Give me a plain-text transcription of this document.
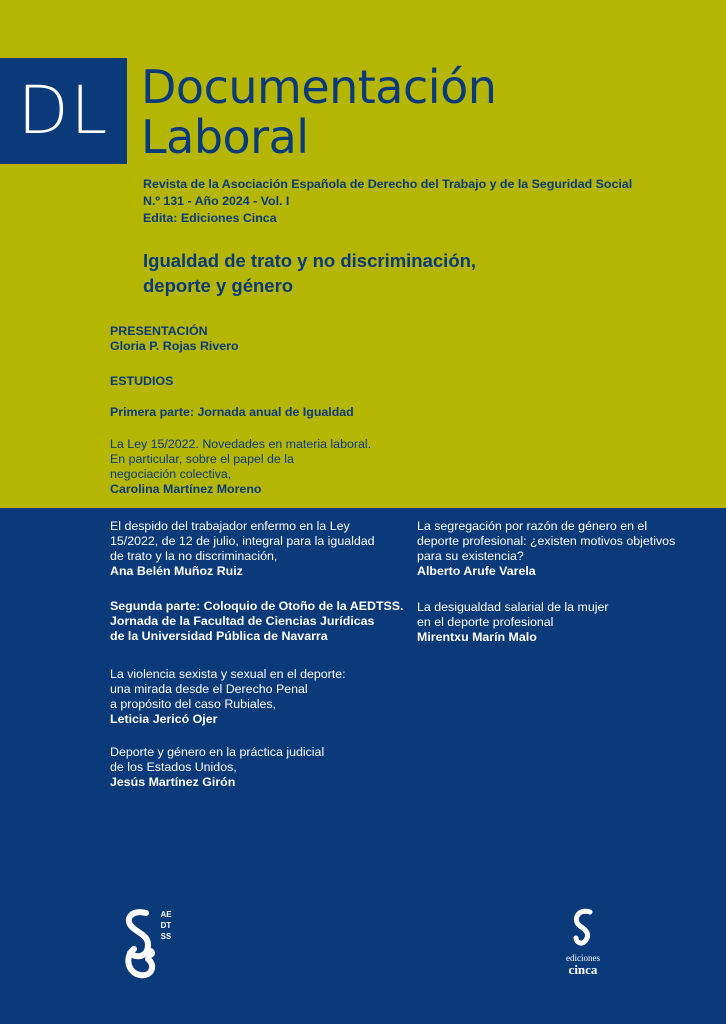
DL Documentación
Laboral
Revista de la Asociación Española de Derecho del Trabajo y de la Seguridad Social
N.º 131 - Año 2024 - Vol. I
Edita: Ediciones Cinca
Igualdad de trato y no discriminación,
deporte y género
PRESENTACIÓN
Gloria P. Rojas Rivero
ESTUDIOS
Primera parte: Jornada anual de Igualdad
La Ley 15/2022. Novedades en materia laboral.
En particular, sobre el papel de la
negociación colectiva,
Carolina Martínez Moreno
El despido del trabajador enfermo en la Ley
15/2022, de 12 de julio, integral para la igualdad
de trato y la no discriminación,
Ana Belén Muñoz Ruiz
Segunda parte: Coloquio de Otoño de la AEDTSS.
Jornada de la Facultad de Ciencias Jurídicas
de la Universidad Pública de Navarra
La violencia sexista y sexual en el deporte:
una mirada desde el Derecho Penal
a propósito del caso Rubiales,
Leticia Jericó Ojer
Deporte y género en la práctica judicial
de los Estados Unidos,
Jesús Martínez Girón
La segregación por razón de género en el
deporte profesional: ¿existen motivos objetivos
para su existencia?
Alberto Arufe Varela
La desigualdad salarial de la mujer
en el deporte profesional
Mirentxu Marín Malo
AEDTSS
ediciones
cinca
